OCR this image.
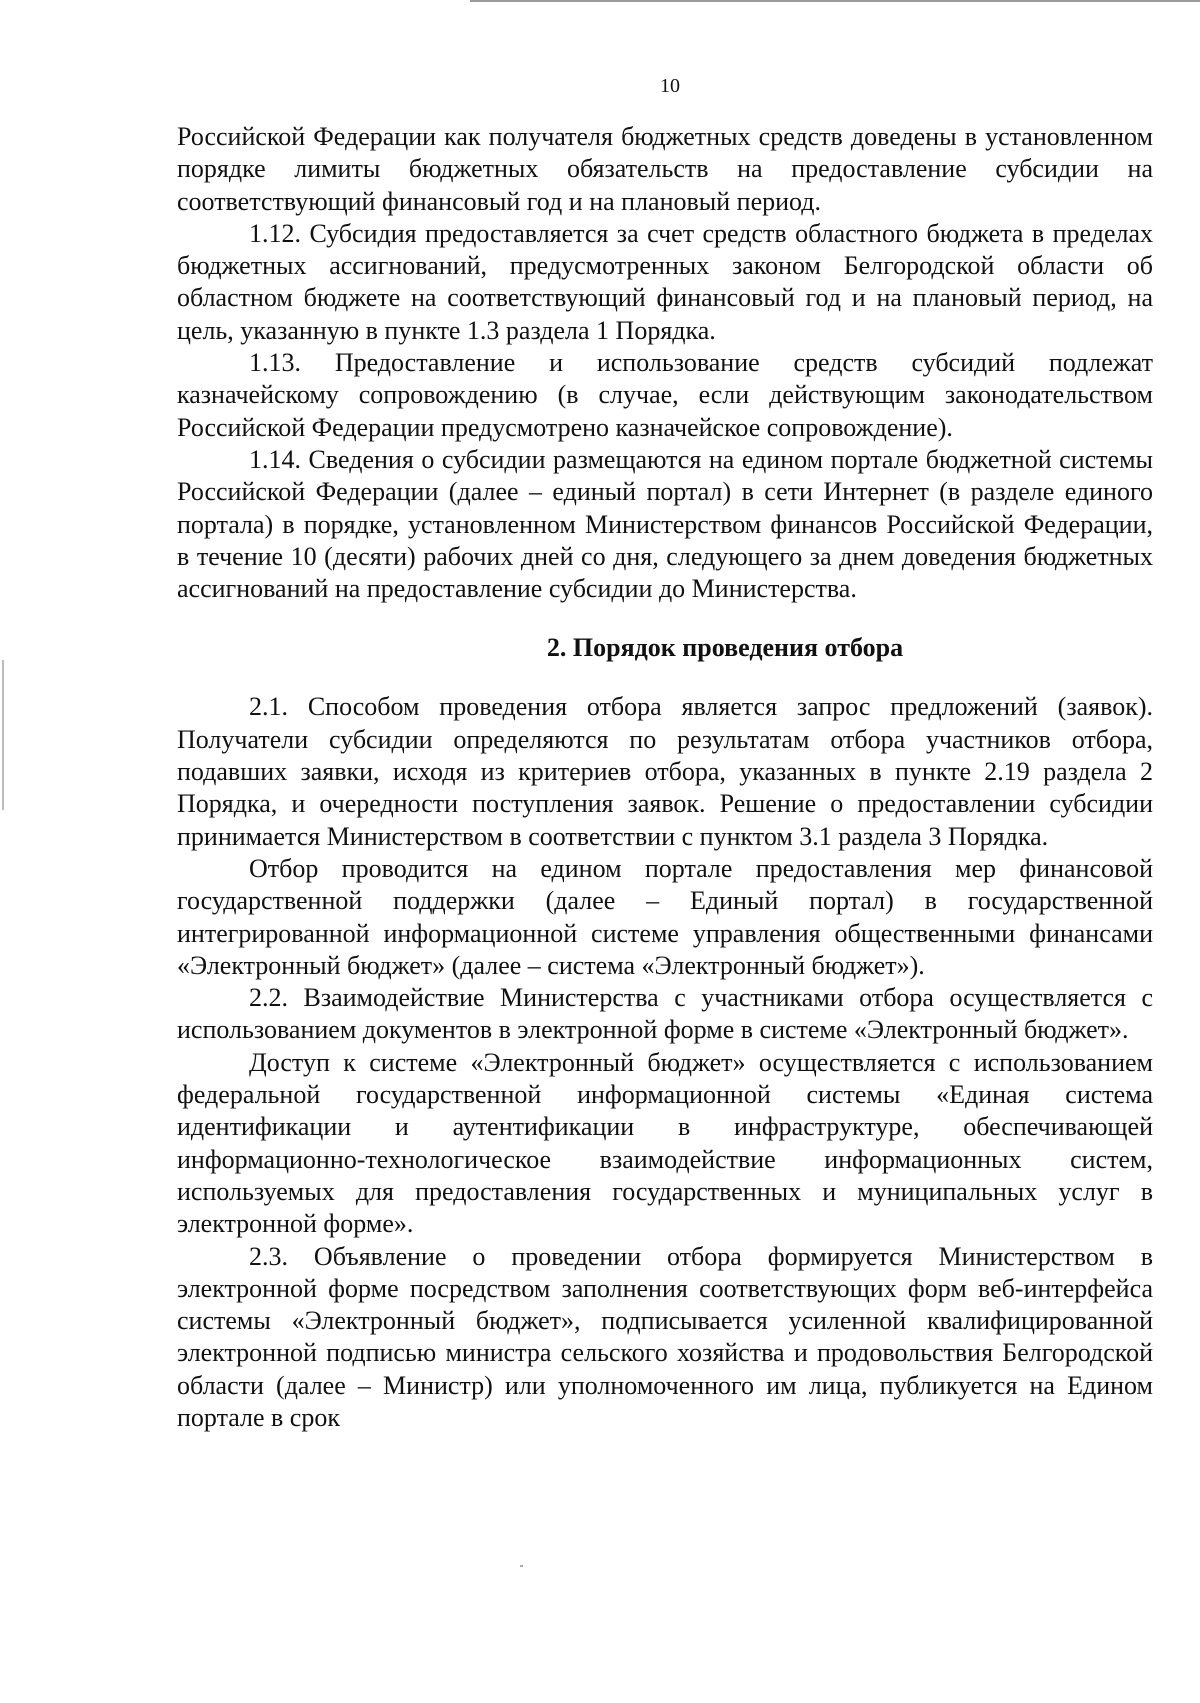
10

Российской Федерации как получателя бюджетных средств доведены в установленном порядке лимиты бюджетных обязательств на предоставление субсидии на соответствующий финансовый год и на плановый период.

1.12. Субсидия предоставляется за счет средств областного бюджета в пределах бюджетных ассигнований, предусмотренных законом Белгородской области об областном бюджете на соответствующий финансовый год и на плановый период, на цель, указанную в пункте 1.3 раздела 1 Порядка.

1.13. Предоставление и использование средств субсидий подлежат казначейскому сопровождению (в случае, если действующим законодательством Российской Федерации предусмотрено казначейское сопровождение).

1.14. Сведения о субсидии размещаются на едином портале бюджетной системы Российской Федерации (далее – единый портал) в сети Интернет (в разделе единого портала) в порядке, установленном Министерством финансов Российской Федерации, в течение 10 (десяти) рабочих дней со дня, следующего за днем доведения бюджетных ассигнований на предоставление субсидии до Министерства.

2. Порядок проведения отбора

2.1. Способом проведения отбора является запрос предложений (заявок). Получатели субсидии определяются по результатам отбора участников отбора, подавших заявки, исходя из критериев отбора, указанных в пункте 2.19 раздела 2 Порядка, и очередности поступления заявок. Решение о предоставлении субсидии принимается Министерством в соответствии с пунктом 3.1 раздела 3 Порядка.

Отбор проводится на едином портале предоставления мер финансовой государственной поддержки (далее – Единый портал) в государственной интегрированной информационной системе управления общественными финансами «Электронный бюджет» (далее – система «Электронный бюджет»).

2.2. Взаимодействие Министерства с участниками отбора осуществляется с использованием документов в электронной форме в системе «Электронный бюджет».

Доступ к системе «Электронный бюджет» осуществляется с использованием федеральной государственной информационной системы «Единая система идентификации и аутентификации в инфраструктуре, обеспечивающей информационно-технологическое взаимодействие информационных систем, используемых для предоставления государственных и муниципальных услуг в электронной форме».

2.3. Объявление о проведении отбора формируется Министерством в электронной форме посредством заполнения соответствующих форм веб-интерфейса системы «Электронный бюджет», подписывается усиленной квалифицированной электронной подписью министра сельского хозяйства и продовольствия Белгородской области (далее – Министр) или уполномоченного им лица, публикуется на Едином портале в срок
